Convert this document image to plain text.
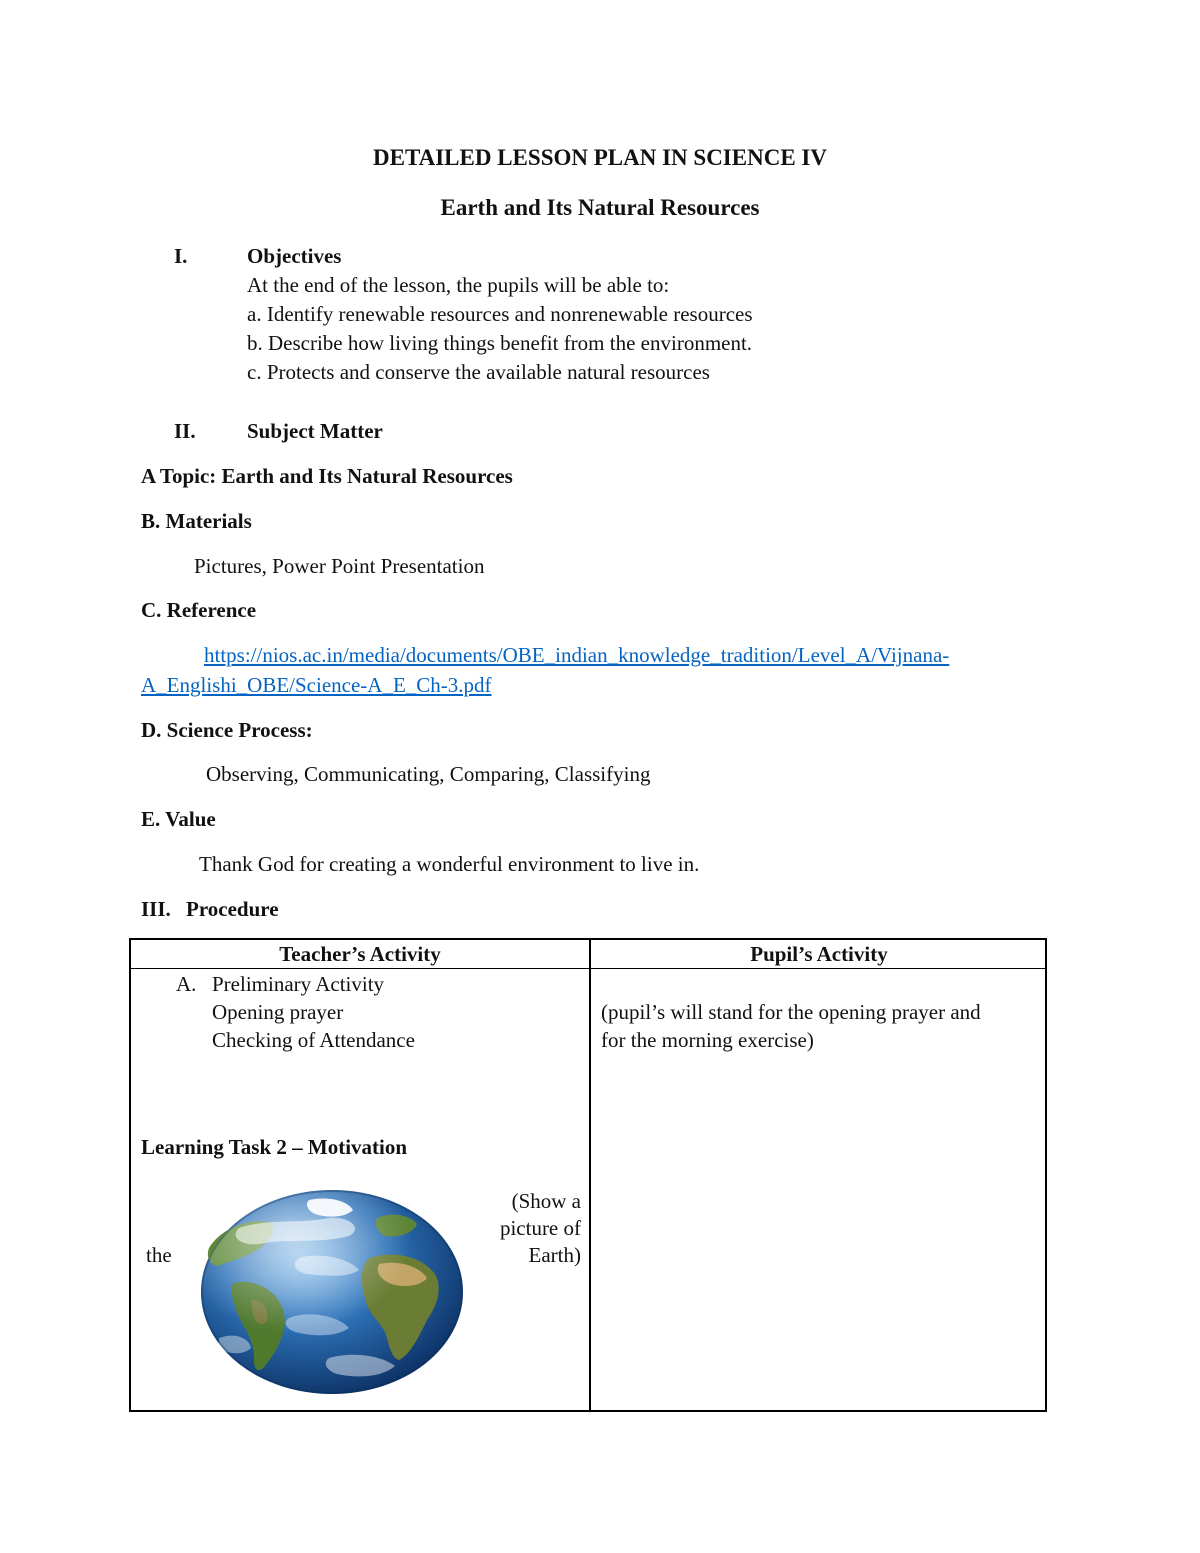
DETAILED LESSON PLAN IN SCIENCE IV
Earth and Its Natural Resources
I.	Objectives
At the end of the lesson, the pupils will be able to:
a. Identify renewable resources and nonrenewable resources
b. Describe how living things benefit from the environment.
c. Protects and conserve the available natural resources
II. Subject Matter
A Topic: Earth and Its Natural Resources
B. Materials
Pictures, Power Point Presentation
C. Reference
https://nios.ac.in/media/documents/OBE_indian_knowledge_tradition/Level_A/Vijnana-
A_Englishi_OBE/Science-A_E_Ch-3.pdf
D. Science Process:
Observing, Communicating, Comparing, Classifying
E. Value
Thank God for creating a wonderful environment to live in.
III. Procedure
Teacher’s Activity	Pupil’s Activity
A. Preliminary Activity
Opening prayer
Checking of Attendance
Learning Task 2 – Motivation
the
(Show a
picture of
Earth)
(pupil’s will stand for the opening prayer and
for the morning exercise)
